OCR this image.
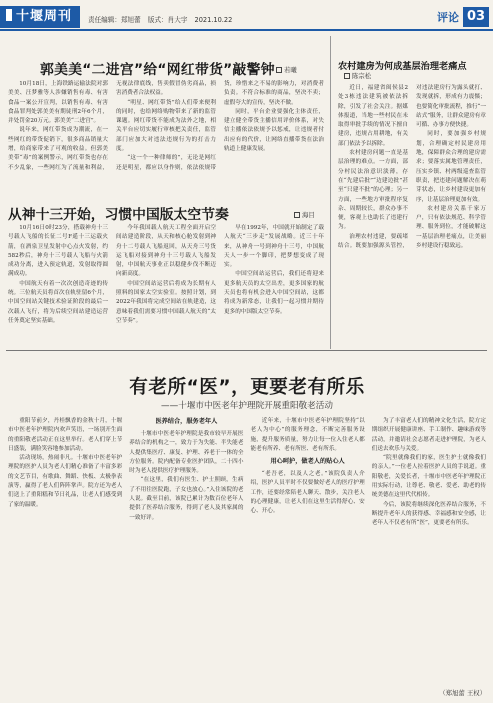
十堰周刊	责任编辑：郑旭蕾 版式：肖大宇 2021.10.22	评论 03
郭美美“二进宫”给“网红带货”敲警钟	若曦

10月18日，上海铁路运输法院对郭美美、汪梦雅等人涉嫌销售有毒、有害食品一案公开宣判，以销售有毒、有害食品罪判处郭美美有期徒刑2年6个月，并处罚金20万元。郭美美“二进宫”。

说年来，网红带货成为潮流，在一些网红的带货促销下，很多商品销量大增，给商家带来了可观的收益。但郭美美带“毒”的案例警示，网红带货也存在不少乱象，一些网红为了流量和利益，无视法律底线，售卖假冒伪劣商品，损害消费者合法权益。

“明星、网红带货”给人们带来便利的同时，也给网络购物带来了新的监管课题。网红带货不能成为法外之地，相关平台应切实履行审核把关责任，监管部门应加大对违法违规行为的打击力度。

“这一个一种律师的”，无论是网红还是明星，都应以身作则，依法依规带货，珍惜来之不易的影响力，对消费者负责。不符合标准的商品，坚决不卖；虚假夸大的宣传，坚决不做。

同时，平台企业要强化主体责任，建立健全带货主播信用评价体系，对失信主播依法依规予以惩戒，让违规者付出应有的代价，让网络直播带货在法治轨道上健康发展。

从神十三开始，习惯中国版太空节奏	海目

10月16日0时23分，搭载神舟十三号载人飞船的长征二号F遥十三运载火箭，在酒泉卫星发射中心点火发射，约582秒后，神舟十三号载人飞船与火箭成功分离，进入预定轨道，发射取得圆满成功。

中国航天有着一次次创造奇迹的传统。三位航天员将首次在轨驻留6个月，中国空间站关键技术验证阶段的最后一次载人飞行，将为后续空间站建造运营任务奠定坚实基础。

今年我国载人航天工程全面开启空间站建造阶段，从天和核心舱发射到神舟十二号载人飞船返回，从天舟三号货运飞船对接到神舟十三号载人飞船发射，中国航天事业正以稳健步伐不断迈向新高度。

中国空间站运营后将成为长期有人照料的国家太空实验室。按照计划，到2022年我国将完成空间站在轨建造，这意味着我们需要习惯中国载人航天的“太空节奏”。

早在1992年，中国就开始制定了载人航天“三步走”发展战略。近三十年来，从神舟一号到神舟十三号，中国航天人一步一个脚印，把梦想变成了现实。

中国空间站运营后，我们还将迎来更多航天员的太空出差，更多国家的航天员也将有机会进入中国空间站，这都将成为新常态，让我们一起习惯并期待更多的中国版太空节奏。

农村建房为何成基层治理老痛点
陈宗松

近日，福建省闽侯县2处3栋违法建筑被依法拆除，引发了社会关注。据媒体报道，当地一些村民在未取得审批手续的情况下擅自建房，违规占用耕地，有关部门依法予以拆除。

农村建房问题一直是基层治理的难点。一方面，部分村民法治意识淡薄，存在“先建后批”“边建边批”甚至“只建不批”的心理；另一方面，一些地方审批程序复杂、周期较长，群众办事不便，客观上也助长了违建行为。

治理农村违建，要疏堵结合。既要加强源头管控，对违法建房行为露头就打、发现就拆，形成有力震慑；也要简化审批流程，推行“一站式”服务，让群众建房有章可循、办事方便快捷。

同时，要加强乡村规划，合理确定村民建房用地，保障群众合理的建房需求；要落实属地管理责任，压实乡镇、村两级巡查监管职责，把违建问题解决在萌芽状态，让乡村建设更加有序，让基层治理更加有效。

农村建房关系千家万户，只有依法规范、科学管理、服务到位，才能破解这一基层治理老痛点，让美丽乡村建设行稳致远。

有老所“医”，更要老有所乐
——十堰市中医老年护理院开展重阳敬老活动

重阳节前夕，丹桂飘香的金秋十月，十堰市中医老年护理院内欢声笑语，一场别开生面的重阳敬老活动正在这里举行。老人们穿上节日盛装，满脸笑容地参加活动。

活动现场，热闹非凡。十堰市中医老年护理院的医护人员为老人们精心准备了丰富多彩的文艺节目，有歌曲、舞蹈、快板、太极拳表演等，赢得了老人们阵阵掌声。院方还为老人们送上了重阳糕和节日礼品，让老人们感受到了家的温暖。

医养结合，服务老年人

十堰市中医老年护理院是我市较早开展医养结合的机构之一，致力于为失能、半失能老人提供集医疗、康复、护理、养老于一体的全方位服务。院内配备专业医护团队，二十四小时为老人提供医疗护理服务。

“在这里，我们有医生、护士照顾，生病了不用往医院跑，子女也放心。”入住该院的老人说。截至目前，该院已累计为数百位老年人提供了医养结合服务，得到了老人及其家属的一致好评。

近年来，十堰市中医老年护理院坚持“以老人为中心”的服务理念，不断完善服务设施，提升服务质量，努力让每一位入住老人都能老有所养、老有所医、老有所乐。

用心呵护，做老人的贴心人

“老吾老，以及人之老。”该院负责人介绍，医护人员平时不仅要做好老人的医疗护理工作，还要经常陪老人聊天、散步，关注老人的心理健康，让老人们在这里生活得舒心、安心、开心。

为了丰富老人们的精神文化生活，院方定期组织开展健康讲座、手工制作、趣味游戏等活动，并邀请社会志愿者走进护理院，为老人们送去欢乐与关爱。

“院里就像我们的家，医生护士就像我们的亲人。”一位老人拉着医护人员的手说道。重阳敬老，关爱长者，十堰市中医老年护理院正用实际行动，让尊老、敬老、爱老、助老的传统美德在这里代代相传。

今后，该院将继续深化医养结合服务，不断提升老年人的获得感、幸福感和安全感，让老年人不仅老有所“医”，更要老有所乐。

（郑旭蕾 王权）
